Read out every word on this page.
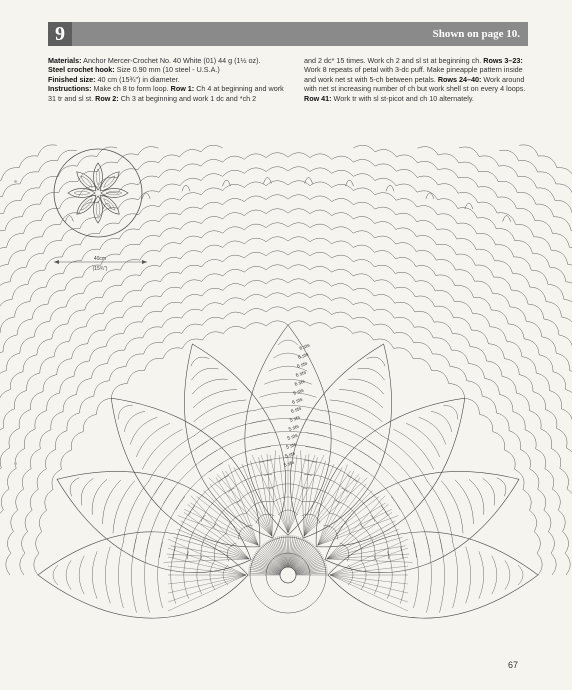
9	Shown on page 10.

Materials: Anchor Mercer-Crochet No. 40 White (01) 44 g (1½ oz).

Steel crochet hook: Size 0.90 mm (10 steel - U.S.A.)

Finished size: 40 cm (15¾") in diameter.

Instructions: Make ch 8 to form loop. Row 1: Ch 4 at beginning and work 31 tr and sl st. Row 2: Ch 3 at beginning and work 1 dc and *ch 2

and 2 dc* 15 times. Work ch 2 and sl st at beginning ch. Rows 3–23: Work 8 repeats of petal with 3-dc puff. Make pineapple pattern inside and work net st with 5-ch between petals. Rows 24–40: Work around with net st increasing number of ch but work shell st on every 4 loops. Row 41: Work tr with sl st-picot and ch 10 alternately.

40cm
(15¾")
6 sts
6 sts
6 sts
6 sts
6 sts
6 sts
6 sts
6 sts
5 sts
5 sts
5 sts
5 sts
5 sts
5 sts
67
